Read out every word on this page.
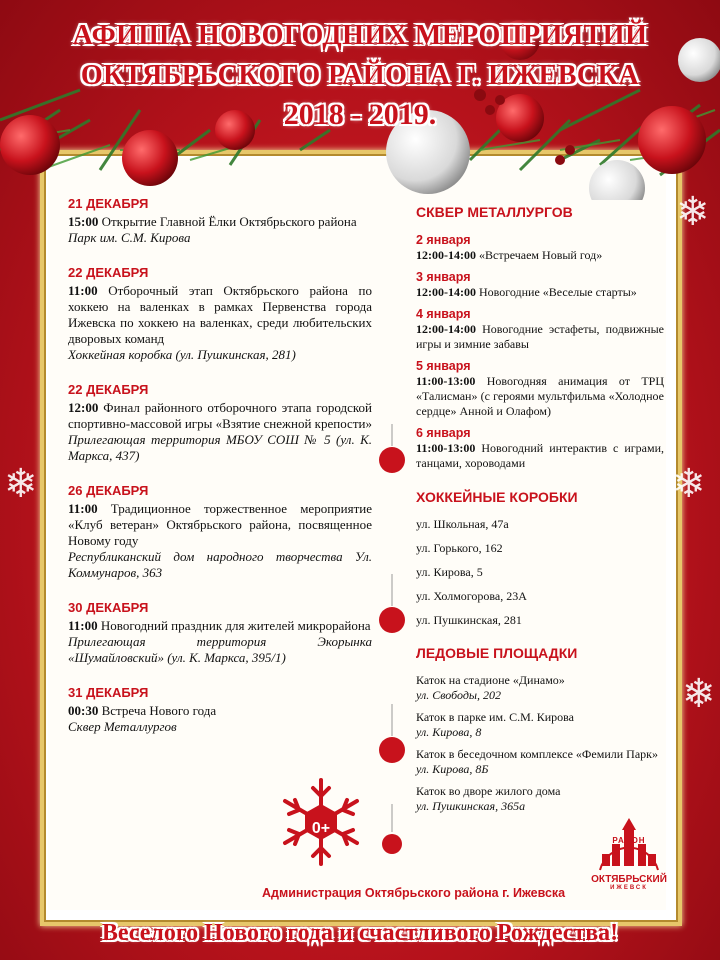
АФИША НОВОГОДНИХ МЕРОПРИЯТИЙ
ОКТЯБРЬСКОГО РАЙОНА Г. ИЖЕВСКА
2018 - 2019.
❄	❄
❄
❄
21 ДЕКАБРЯ
15:00 Открытие Главной Ёлки Октябрьского района
Парк им. С.М. Кирова
22 ДЕКАБРЯ
11:00 Отборочный этап Октябрьского района по хоккею на валенках в рамках Первенства города Ижевска по хоккею на валенках, среди любительских дворовых команд
Хоккейная коробка (ул. Пушкинская, 281)
22 ДЕКАБРЯ
12:00 Финал районного отборочного этапа городской спортивно-массовой игры «Взятие снежной крепости»
Прилегающая территория МБОУ СОШ № 5 (ул. К. Маркса, 437)
26 ДЕКАБРЯ
11:00 Традиционное торжественное мероприятие «Клуб ветеран» Октябрьского района, посвященное Новому году
Республиканский дом народного творчества Ул. Коммунаров, 363
30 ДЕКАБРЯ
11:00 Новогодний праздник для жителей микрорайона
Прилегающая территория Экорынка «Шумайловский» (ул. К. Маркса, 395/1)
31 ДЕКАБРЯ
00:30 Встреча Нового года
Сквер Металлургов
СКВЕР МЕТАЛЛУРГОВ
2 января
12:00-14:00 «Встречаем Новый год»
3 января
12:00-14:00 Новогодние «Веселые старты»
4 января
12:00-14:00 Новогодние эстафеты, подвижные игры и зимние забавы
5 января
11:00-13:00 Новогодняя анимация от ТРЦ «Талисман» (с героями мультфильма «Холодное сердце» Анной и Олафом)
6 января
11:00-13:00 Новогодний интерактив с играми, танцами, хороводами
ХОККЕЙНЫЕ КОРОБКИ
ул. Школьная, 47а
ул. Горького, 162
ул. Кирова, 5
ул. Холмогорова, 23А
ул. Пушкинская, 281
ЛЕДОВЫЕ ПЛОЩАДКИ
Каток на стадионе «Динамо»
ул. Свободы, 202
Каток в парке им. С.М. Кирова
ул. Кирова, 8
Каток в беседочном комплексе «Фемили Парк»
ул. Кирова, 8Б
Каток во дворе жилого дома
ул. Пушкинская, 365а
0+
РАЙОН
ОКТЯБРЬСКИЙ
ИЖЕВСК
Администрация Октябрьского района г. Ижевска
Веселого Нового года и счастливого Рождества!
